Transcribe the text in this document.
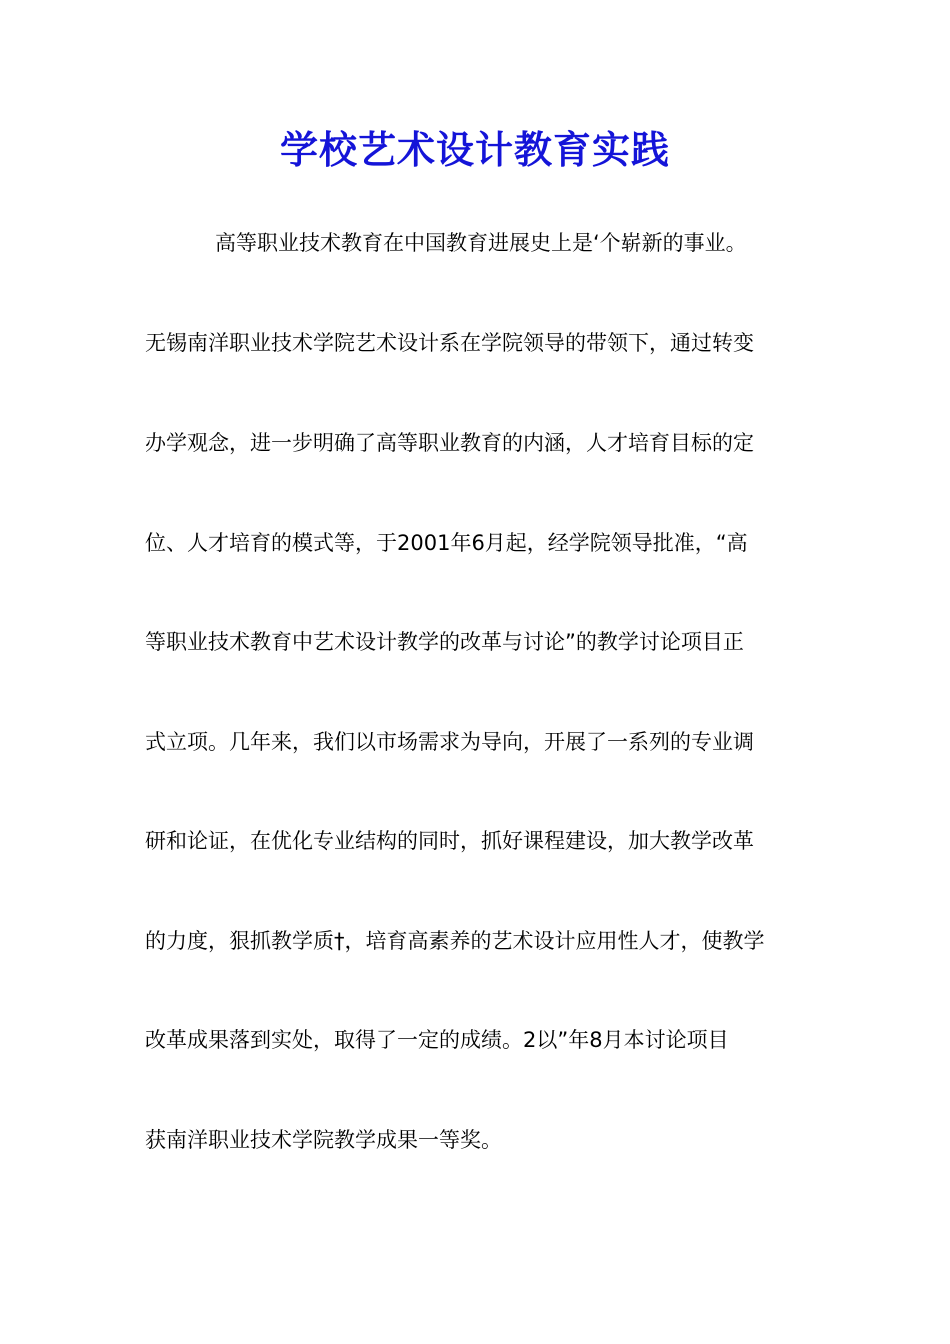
学校艺术设计教育实践

高等职业技术教育在中国教育进展史上是‘个崭新的事业。

无锡南洋职业技术学院艺术设计系在学院领导的带领下，通过转变

办学观念，进一步明确了高等职业教育的内涵，人才培育目标的定

位、人才培育的模式等，于2001年6月起，经学院领导批准，“高

等职业技术教育中艺术设计教学的改革与讨论”的教学讨论项目正

式立项。几年来，我们以市场需求为导向，开展了一系列的专业调

研和论证，在优化专业结构的同时，抓好课程建设，加大教学改革

的力度，狠抓教学质†，培育高素养的艺术设计应用性人才，使教学

改革成果落到实处，取得了一定的成绩。2以”年8月本讨论项目

获南洋职业技术学院教学成果一等奖。
